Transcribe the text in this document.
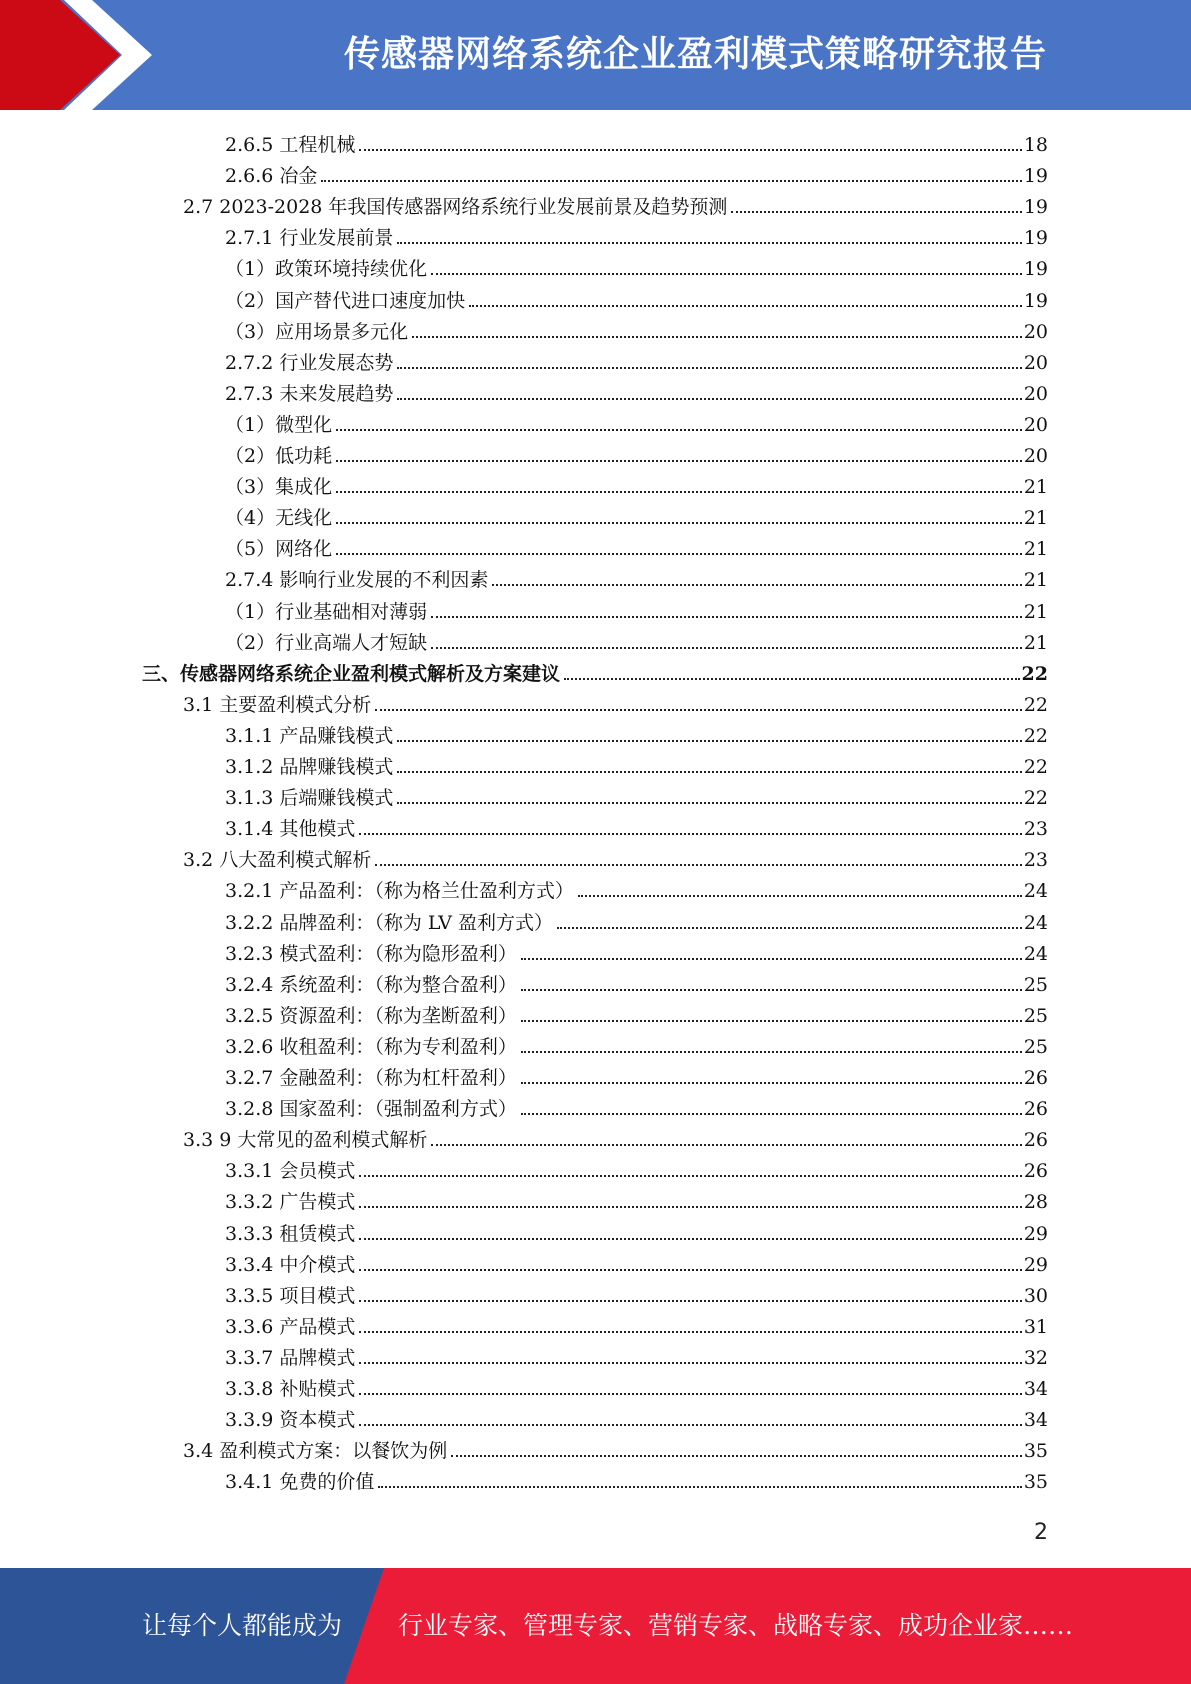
传感器网络系统企业盈利模式策略研究报告
2.6.5 工程机械	18
2.6.6 冶金	19
2.7 2023-2028 年我国传感器网络系统行业发展前景及趋势预测	19
2.7.1 行业发展前景	19
（1）政策环境持续优化	19
（2）国产替代进口速度加快	19
（3）应用场景多元化	20
2.7.2 行业发展态势	20
2.7.3 未来发展趋势	20
（1）微型化	20
（2）低功耗	20
（3）集成化	21
（4）无线化	21
（5）网络化	21
2.7.4 影响行业发展的不利因素	21
（1）行业基础相对薄弱	21
（2）行业高端人才短缺	21
三、传感器网络系统企业盈利模式解析及方案建议	22
3.1 主要盈利模式分析	22
3.1.1 产品赚钱模式	22
3.1.2 品牌赚钱模式	22
3.1.3 后端赚钱模式	22
3.1.4 其他模式	23
3.2 八大盈利模式解析	23
3.2.1 产品盈利：（称为格兰仕盈利方式）	24
3.2.2 品牌盈利：（称为 LV 盈利方式）	24
3.2.3 模式盈利：（称为隐形盈利）	24
3.2.4 系统盈利：（称为整合盈利）	25
3.2.5 资源盈利：（称为垄断盈利）	25
3.2.6 收租盈利：（称为专利盈利）	25
3.2.7 金融盈利：（称为杠杆盈利）	26
3.2.8 国家盈利：（强制盈利方式）	26
3.3 9 大常见的盈利模式解析	26
3.3.1 会员模式	26
3.3.2 广告模式	28
3.3.3 租赁模式	29
3.3.4 中介模式	29
3.3.5 项目模式	30
3.3.6 产品模式	31
3.3.7 品牌模式	32
3.3.8 补贴模式	34
3.3.9 资本模式	34
3.4 盈利模式方案：以餐饮为例	35
3.4.1 免费的价值	35
2
让每个人都能成为 行业专家、管理专家、营销专家、战略专家、成功企业家……
